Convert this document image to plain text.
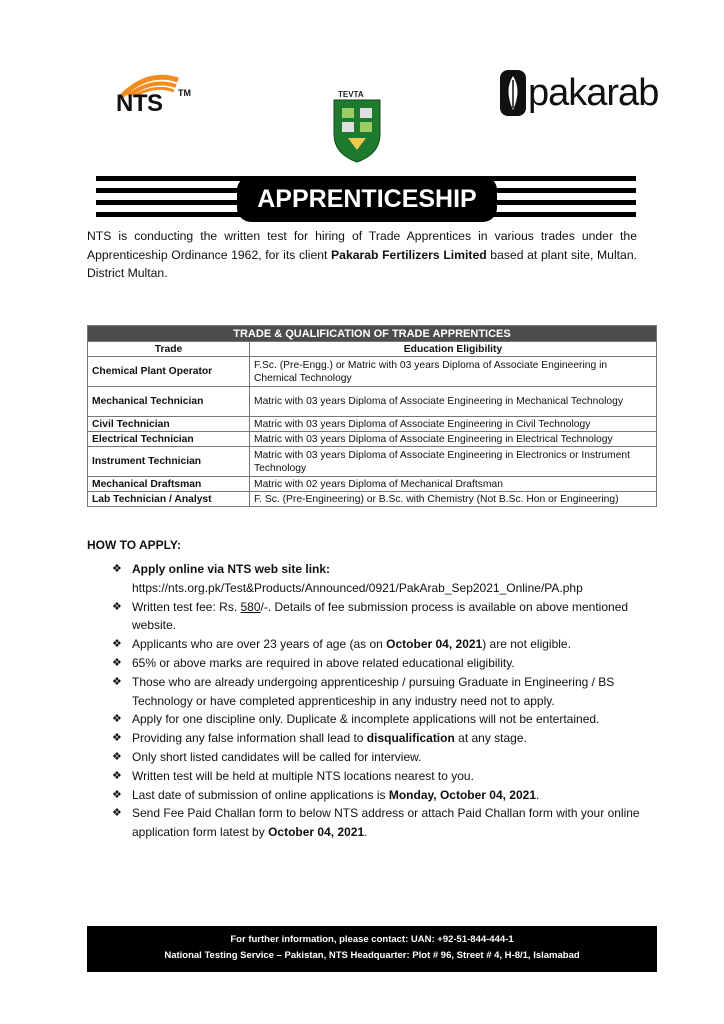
NTS TM	TEVTA	pakarab
APPRENTICESHIP
NTS is conducting the written test for hiring of Trade Apprentices in various trades under the Apprenticeship Ordinance 1962, for its client Pakarab Fertilizers Limited based at plant site, Multan. District Multan.
TRADE & QUALIFICATION OF TRADE APPRENTICES	
Trade	Education Eligibility
Chemical Plant Operator	F.Sc. (Pre-Engg.) or Matric with 03 years Diploma of Associate Engineering in Chemical Technology
Mechanical Technician	Matric with 03 years Diploma of Associate Engineering in Mechanical Technology
Civil Technician	Matric with 03 years Diploma of Associate Engineering in Civil Technology
Electrical Technician	Matric with 03 years Diploma of Associate Engineering in Electrical Technology
Instrument Technician	Matric with 03 years Diploma of Associate Engineering in Electronics or Instrument Technology
Mechanical Draftsman	Matric with 02 years Diploma of Mechanical Draftsman
Lab Technician / Analyst	F. Sc. (Pre-Engineering) or B.Sc. with Chemistry (Not B.Sc. Hon or Engineering)
HOW TO APPLY:
❖ Apply online via NTS web site link:
https://nts.org.pk/Test&Products/Announced/0921/PakArab_Sep2021_Online/PA.php
❖ Written test fee: Rs. 580/-. Details of fee submission process is available on above mentioned website.
❖ Applicants who are over 23 years of age (as on October 04, 2021) are not eligible.
❖ 65% or above marks are required in above related educational eligibility.
❖ Those who are already undergoing apprenticeship / pursuing Graduate in Engineering / BS Technology or have completed apprenticeship in any industry need not to apply.
❖ Apply for one discipline only. Duplicate & incomplete applications will not be entertained.
❖ Providing any false information shall lead to disqualification at any stage.
❖ Only short listed candidates will be called for interview.
❖ Written test will be held at multiple NTS locations nearest to you.
❖ Last date of submission of online applications is Monday, October 04, 2021.
❖ Send Fee Paid Challan form to below NTS address or attach Paid Challan form with your online application form latest by October 04, 2021.
For further information, please contact: UAN: +92-51-844-444-1
National Testing Service – Pakistan, NTS Headquarter: Plot # 96, Street # 4, H-8/1, Islamabad
